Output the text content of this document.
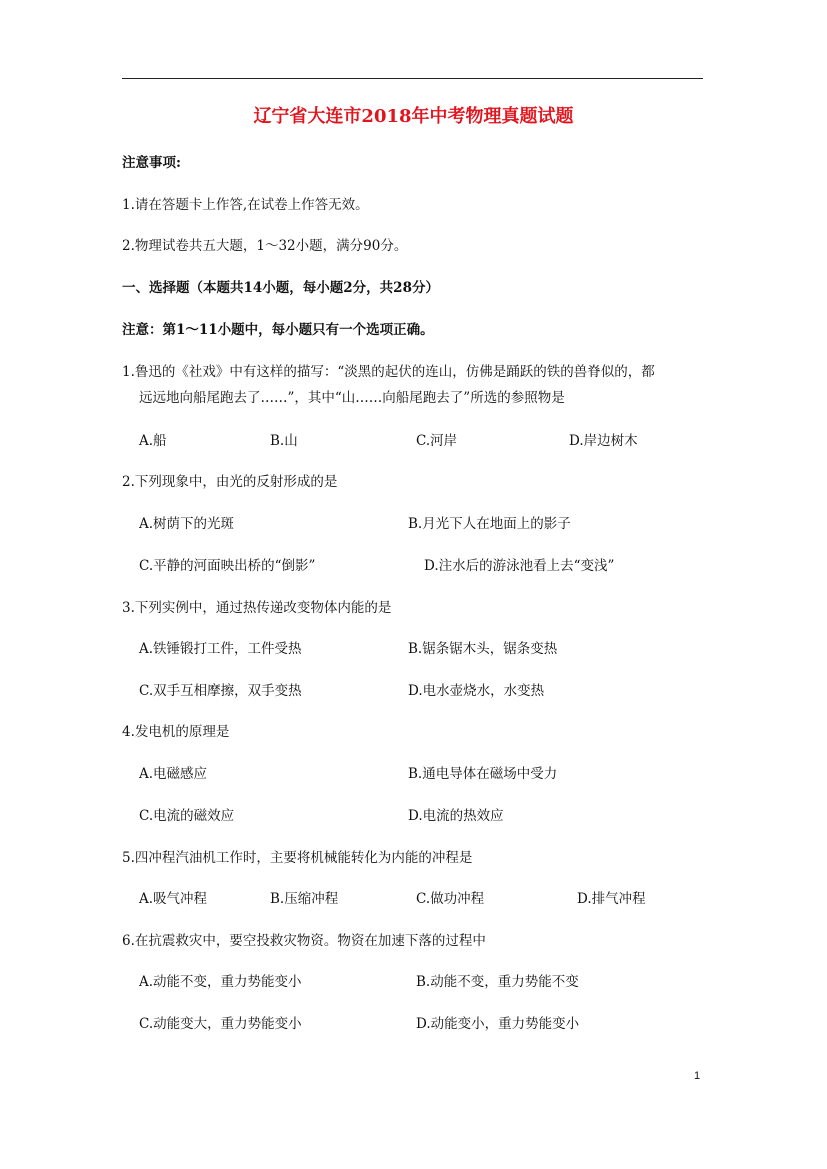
辽宁省大连市2018年中考物理真题试题
注意事项:
1.请在答题卡上作答,在试卷上作答无效。
2.物理试卷共五大题，1～32小题，满分90分。
一、选择题（本题共14小题，每小题2分，共28分）
注意：第1～11小题中，每小题只有一个选项正确。
1.鲁迅的《社戏》中有这样的描写：“淡黑的起伏的连山，仿佛是踊跃的铁的兽脊似的，都
远远地向船尾跑去了……”，其中“山……向船尾跑去了”所选的参照物是
A.船	B.山	C.河岸	D.岸边树木
2.下列现象中，由光的反射形成的是
A.树荫下的光斑	B.月光下人在地面上的影子
C.平静的河面映出桥的“倒影”	D.注水后的游泳池看上去“变浅”
3.下列实例中，通过热传递改变物体内能的是
A.铁锤锻打工件，工件受热	B.锯条锯木头，锯条变热
C.双手互相摩擦，双手变热	D.电水壶烧水，水变热
4.发电机的原理是
A.电磁感应	B.通电导体在磁场中受力
C.电流的磁效应	D.电流的热效应
5.四冲程汽油机工作时，主要将机械能转化为内能的冲程是
A.吸气冲程	B.压缩冲程	C.做功冲程	D.排气冲程
6.在抗震救灾中，要空投救灾物资。物资在加速下落的过程中
A.动能不变，重力势能变小	B.动能不变，重力势能不变
C.动能变大，重力势能变小	D.动能变小，重力势能变小
1
